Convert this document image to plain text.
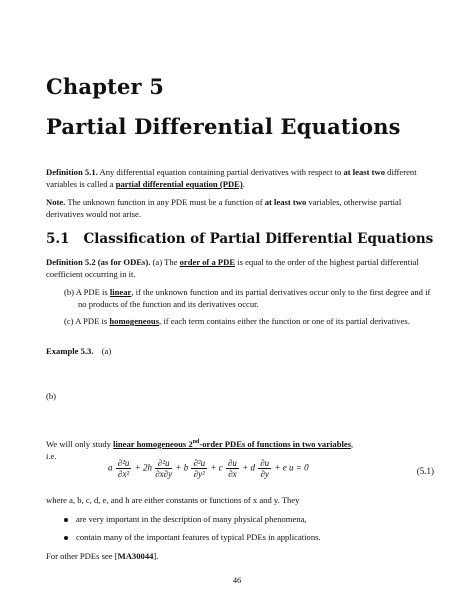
Chapter 5
Partial Differential Equations
Definition 5.1. Any differential equation containing partial derivatives with respect to at least two different variables is called a partial differential equation (PDE).
Note. The unknown function in any PDE must be a function of at least two variables, otherwise partial derivatives would not arise.
5.1 Classification of Partial Differential Equations
Definition 5.2 (as for ODEs). (a) The order of a PDE is equal to the order of the highest partial differential coefficient occurring in it.
(b) A PDE is linear, if the unknown function and its partial derivatives occur only to the first degree and if no products of the function and its derivatives occur.
(c) A PDE is homogeneous, if each term contains either the function or one of its partial derivatives.
Example 5.3. (a)
(b)
We will only study linear homogeneous 2nd-order PDEs of functions in two variables,
i.e.
a $\frac{\text{∂²u}}{\text{∂x²}} + 2h \frac{\text{∂²u}}{\partial x\partial y} + b \frac{\text{∂²u}}{\text{∂y²}} + c \frac{\partial u}{\partial x} + d \frac{\partial u}{\partial y} + e$ u = 0	(5.1)
where a, b, c, d, e, and h are either constants or functions of x and y. They
are very important in the description of many physical phenomena,
contain many of the important features of typical PDEs in applications.
For other PDEs see [MA30044].
46
